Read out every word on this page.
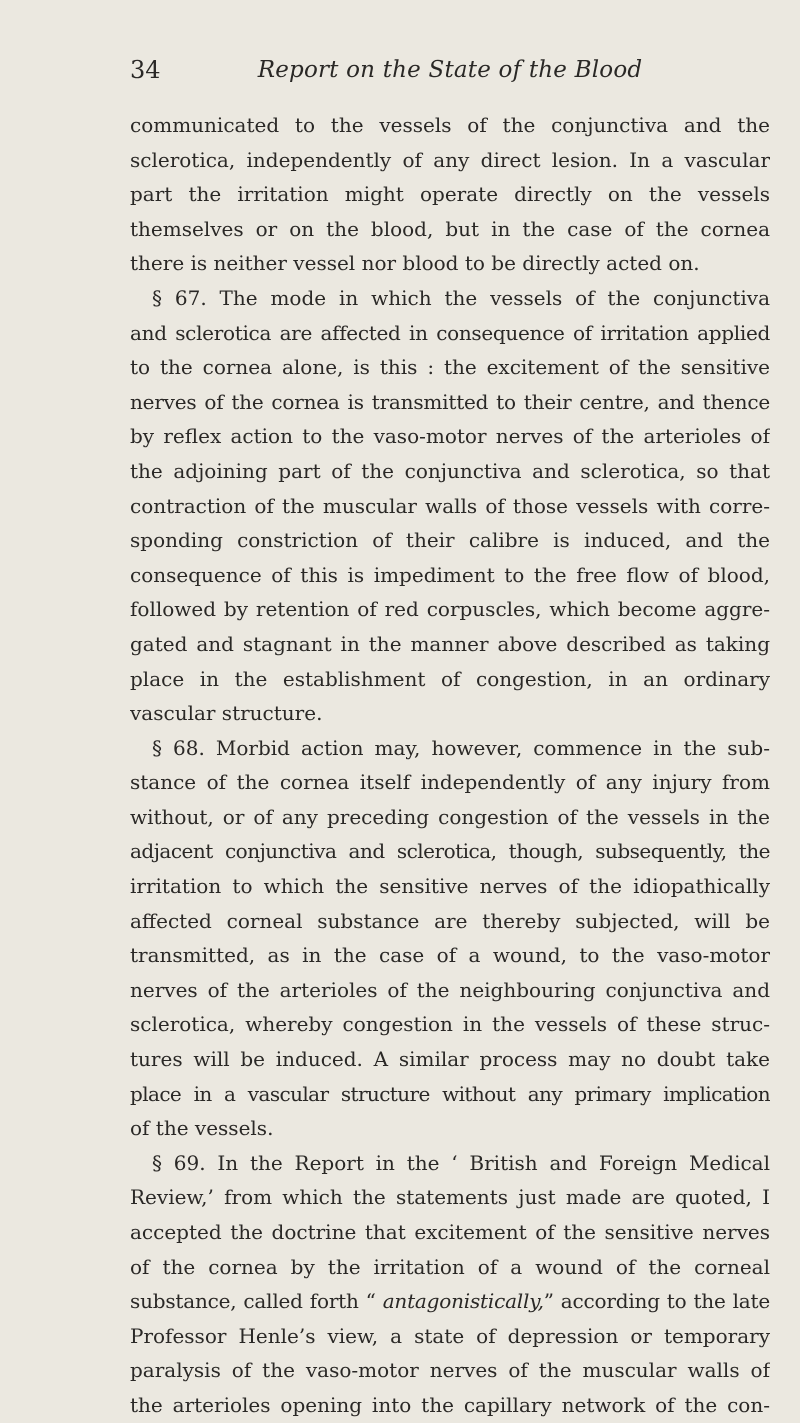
34	Report on the State of the Blood
communicated to the vessels of the conjunctiva and the
sclerotica, independently of any direct lesion. In a vascular
part the irritation might operate directly on the vessels
themselves or on the blood, but in the case of the cornea
there is neither vessel nor blood to be directly acted on.
§ 67. The mode in which the vessels of the conjunctiva
and sclerotica are affected in consequence of irritation applied
to the cornea alone, is this : the excitement of the sensitive
nerves of the cornea is transmitted to their centre, and thence
by reflex action to the vaso-motor nerves of the arterioles of
the adjoining part of the conjunctiva and sclerotica, so that
contraction of the muscular walls of those vessels with corre-
sponding constriction of their calibre is induced, and the
consequence of this is impediment to the free flow of blood,
followed by retention of red corpuscles, which become aggre-
gated and stagnant in the manner above described as taking
place in the establishment of congestion, in an ordinary
vascular structure.
§ 68. Morbid action may, however, commence in the sub-
stance of the cornea itself independently of any injury from
without, or of any preceding congestion of the vessels in the
adjacent conjunctiva and sclerotica, though, subsequently, the
irritation to which the sensitive nerves of the idiopathically
affected corneal substance are thereby subjected, will be
transmitted, as in the case of a wound, to the vaso-motor
nerves of the arterioles of the neighbouring conjunctiva and
sclerotica, whereby congestion in the vessels of these struc-
tures will be induced. A similar process may no doubt take
place in a vascular structure without any primary implication
of the vessels.
§ 69. In the Report in the ‘ British and Foreign Medical
Review,’ from which the statements just made are quoted, I
accepted the doctrine that excitement of the sensitive nerves
of the cornea by the irritation of a wound of the corneal
substance, called forth “ antagonistically,” according to the late
Professor Henle’s view, a state of depression or temporary
paralysis of the vaso-motor nerves of the muscular walls of
the arterioles opening into the capillary network of the con-
